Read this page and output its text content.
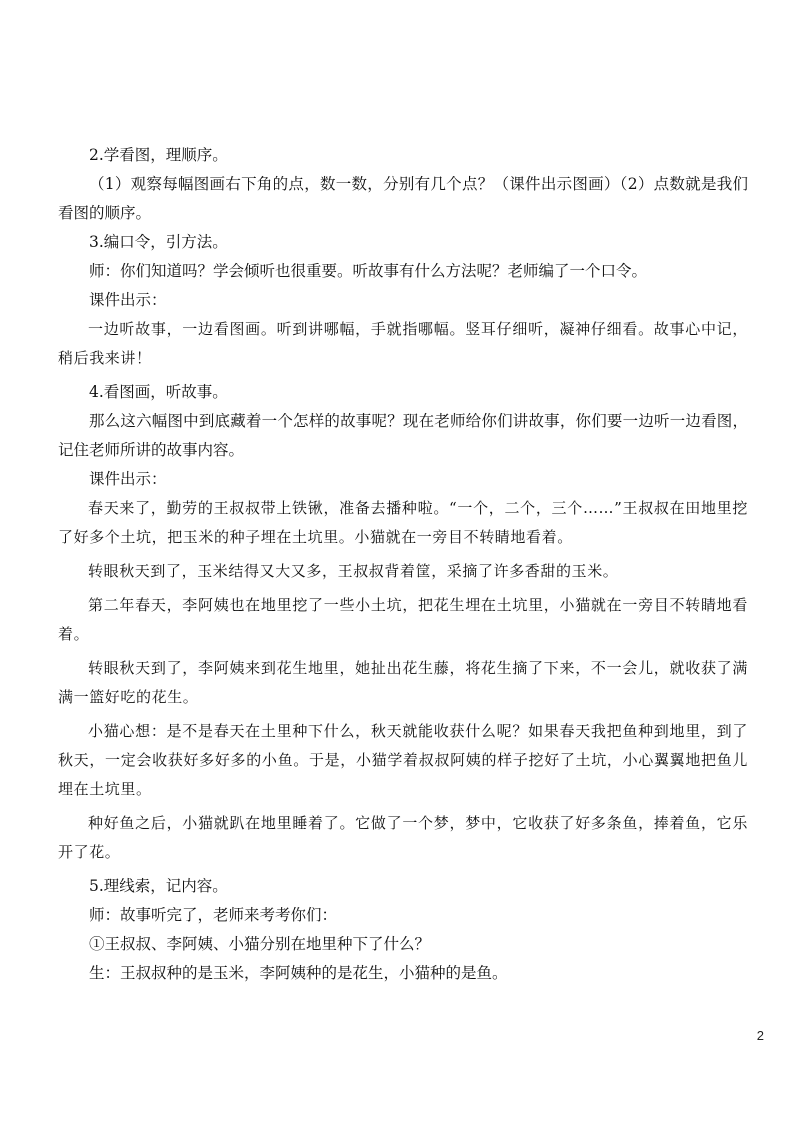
2.学看图，理顺序。

（1）观察每幅图画右下角的点，数一数，分别有几个点？（课件出示图画）（2）点数就是我们看图的顺序。

3.编口令，引方法。

师：你们知道吗？学会倾听也很重要。听故事有什么方法呢？老师编了一个口令。

课件出示：

一边听故事，一边看图画。听到讲哪幅，手就指哪幅。竖耳仔细听，凝神仔细看。故事心中记，稍后我来讲！

4.看图画，听故事。

那么这六幅图中到底藏着一个怎样的故事呢？现在老师给你们讲故事，你们要一边听一边看图，记住老师所讲的故事内容。

课件出示：

春天来了，勤劳的王叔叔带上铁锹，准备去播种啦。“一个，二个，三个……”王叔叔在田地里挖了好多个土坑，把玉米的种子埋在土坑里。小猫就在一旁目不转睛地看着。

转眼秋天到了，玉米结得又大又多，王叔叔背着筐，采摘了许多香甜的玉米。

第二年春天，李阿姨也在地里挖了一些小土坑，把花生埋在土坑里，小猫就在一旁目不转睛地看着。

转眼秋天到了，李阿姨来到花生地里，她扯出花生藤，将花生摘了下来，不一会儿，就收获了满满一篮好吃的花生。

小猫心想：是不是春天在土里种下什么，秋天就能收获什么呢？如果春天我把鱼种到地里，到了秋天，一定会收获好多好多的小鱼。于是，小猫学着叔叔阿姨的样子挖好了土坑，小心翼翼地把鱼儿埋在土坑里。

种好鱼之后，小猫就趴在地里睡着了。它做了一个梦，梦中，它收获了好多条鱼，捧着鱼，它乐开了花。

5.理线索，记内容。

师：故事听完了，老师来考考你们：

①王叔叔、李阿姨、小猫分别在地里种下了什么？

生：王叔叔种的是玉米，李阿姨种的是花生，小猫种的是鱼。

2
